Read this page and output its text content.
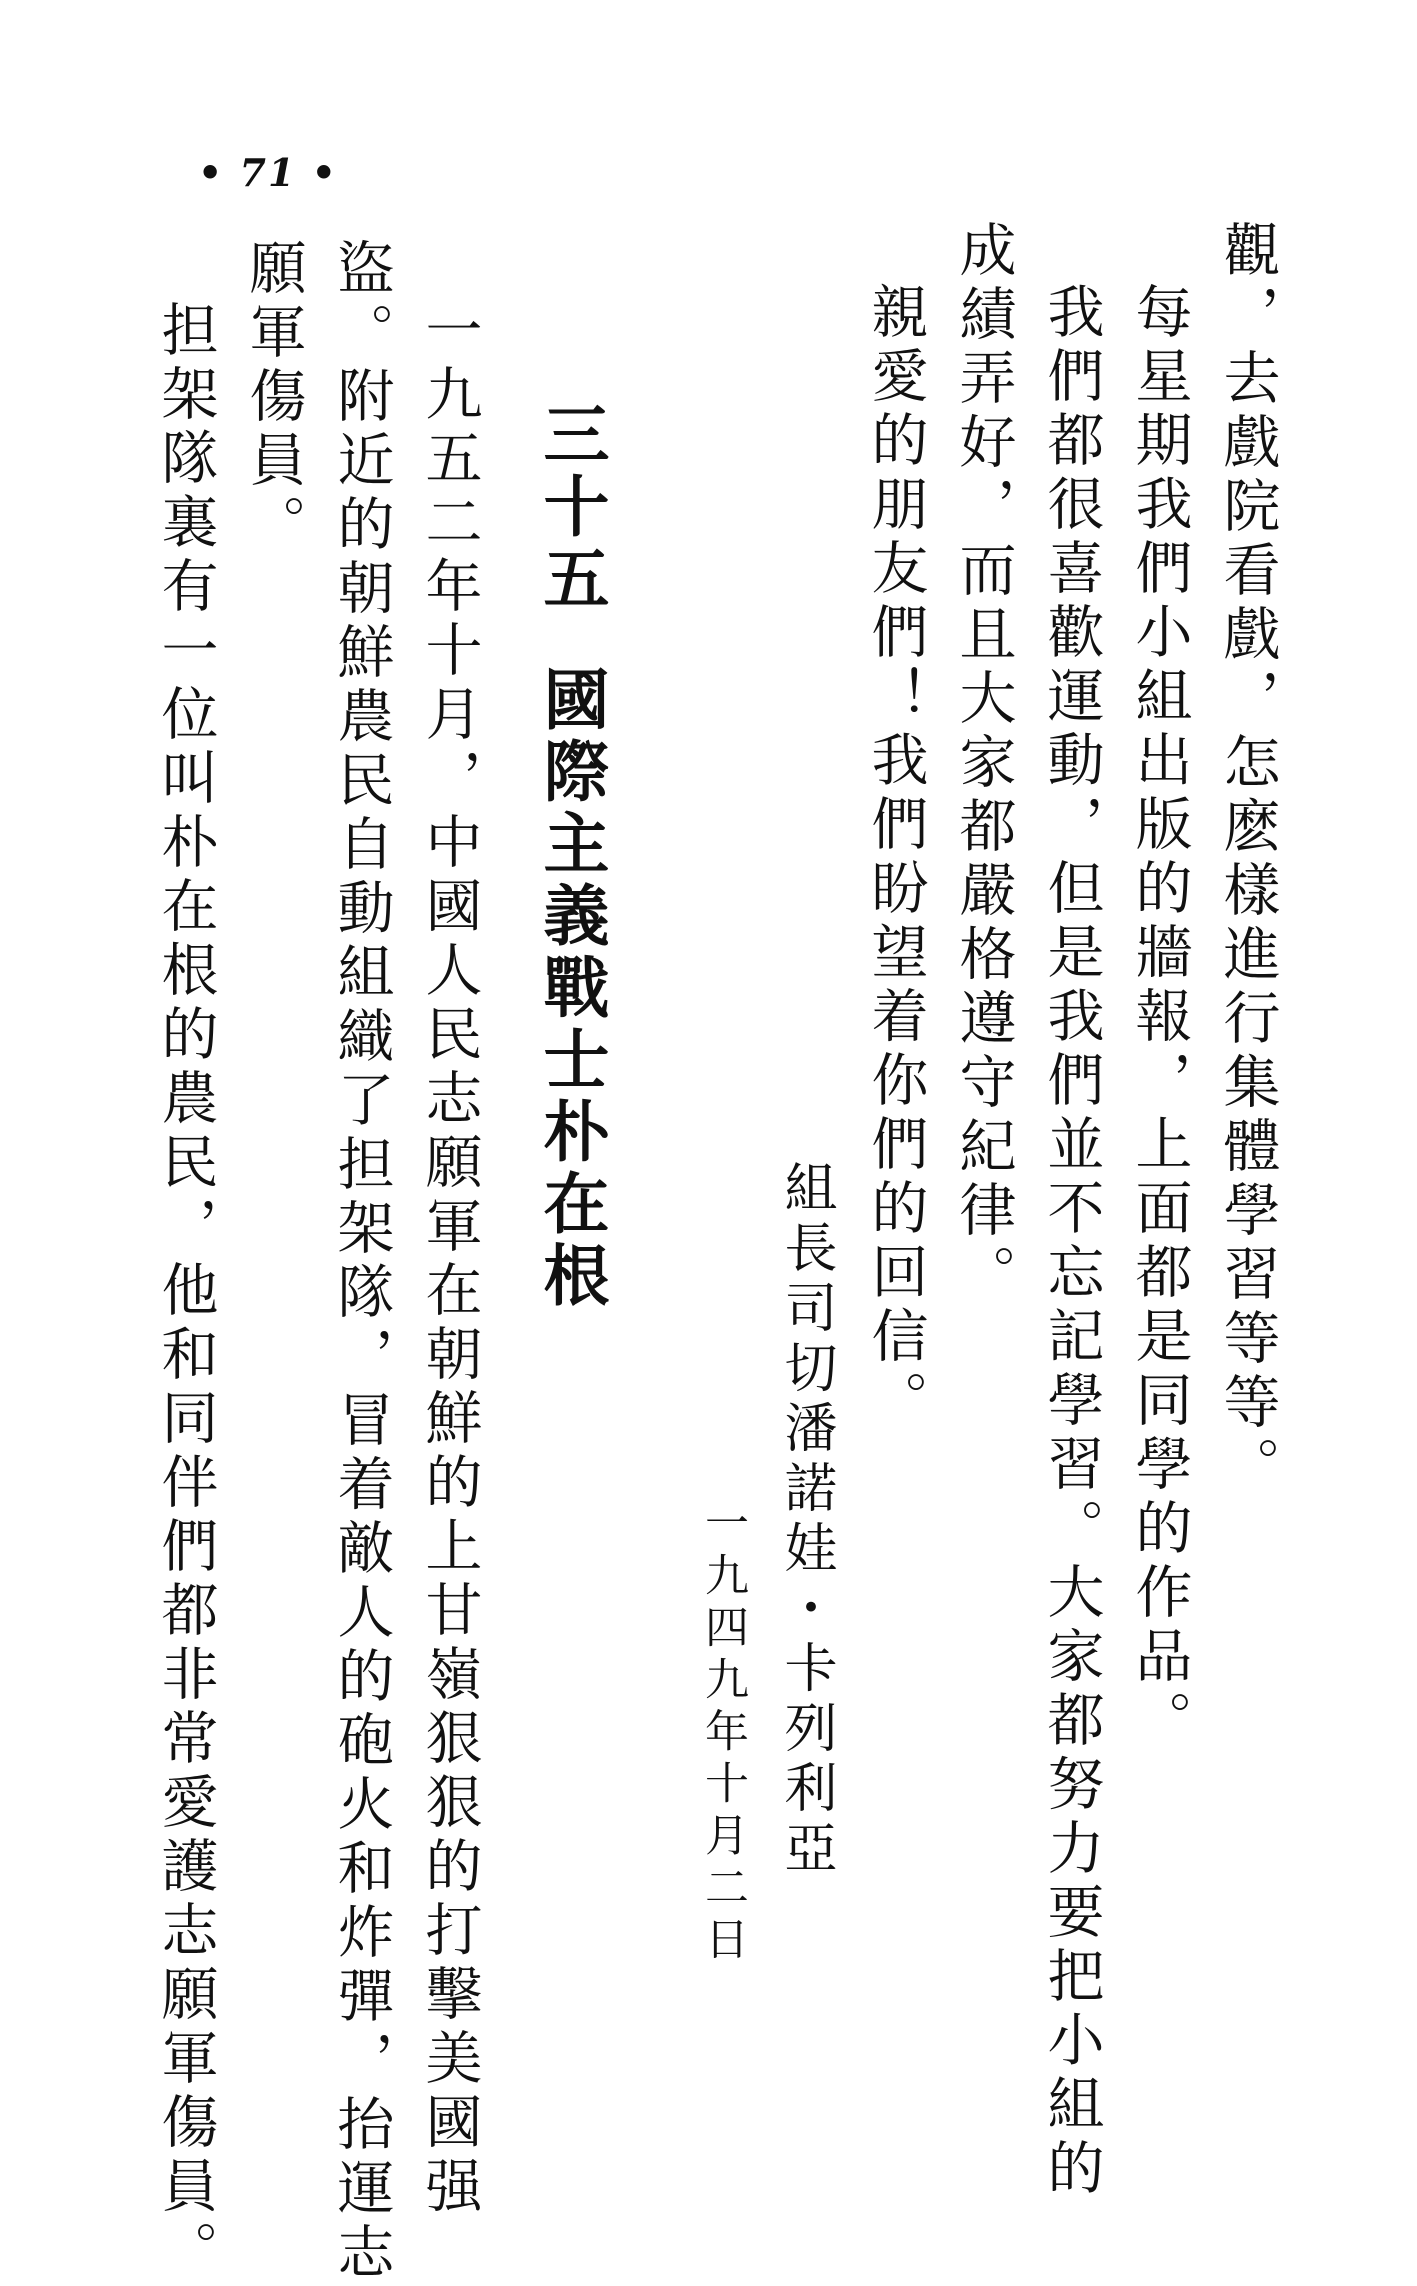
• 71 •
觀，去戲院看戲，怎麽樣進行集體學習等等。
每星期我們小組出版的牆報，上面都是同學的作品。
我們都很喜歡運動，但是我們並不忘記學習。大家都努力要把小組的
成績弄好，而且大家都嚴格遵守紀律。
親愛的朋友們！我們盼望着你們的回信。
組長司切潘諾娃・卡列利亞
一九四九年十月二日
三十五
國際主義戰士朴在根
一九五二年十月，中國人民志願軍在朝鮮的上甘嶺狠狠的打擊美國强
盜。附近的朝鮮農民自動組織了担架隊，冒着敵人的砲火和炸彈，抬運志
願軍傷員。
担架隊裏有一位叫朴在根的農民，他和同伴們都非常愛護志願軍傷員。
